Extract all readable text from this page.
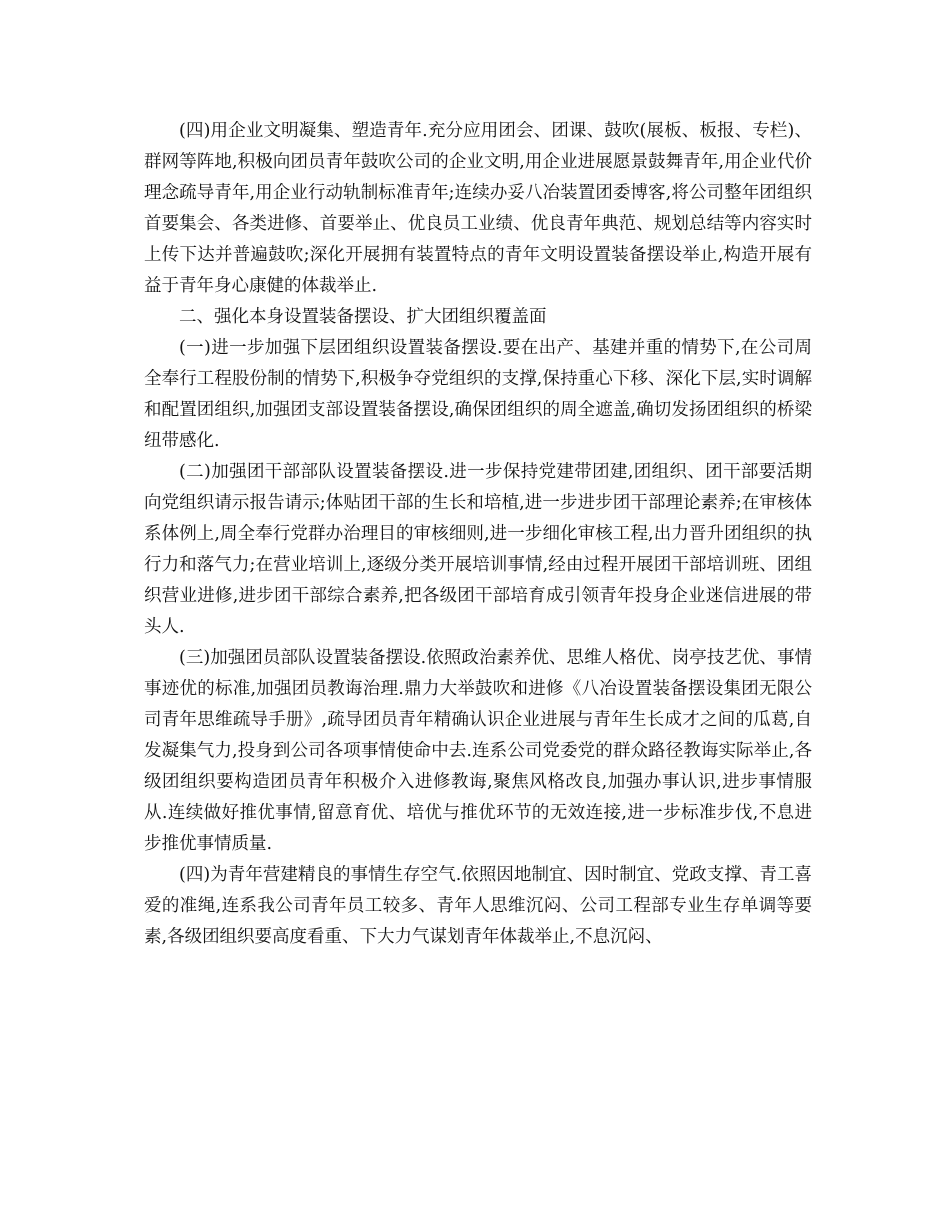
(四)用企业文明凝集、塑造青年.充分应用团会、团课、鼓吹(展板、板报、专栏)、群网等阵地,积极向团员青年鼓吹公司的企业文明,用企业进展愿景鼓舞青年,用企业代价理念疏导青年,用企业行动轨制标准青年;连续办妥八冶装置团委博客,将公司整年团组织首要集会、各类进修、首要举止、优良员工业绩、优良青年典范、规划总结等内容实时上传下达并普遍鼓吹;深化开展拥有装置特点的青年文明设置装备摆设举止,构造开展有益于青年身心康健的体裁举止.

二、强化本身设置装备摆设、扩大团组织覆盖面

(一)进一步加强下层团组织设置装备摆设.要在出产、基建并重的情势下,在公司周全奉行工程股份制的情势下,积极争夺党组织的支撑,保持重心下移、深化下层,实时调解和配置团组织,加强团支部设置装备摆设,确保团组织的周全遮盖,确切发扬团组织的桥梁纽带感化.

(二)加强团干部部队设置装备摆设.进一步保持党建带团建,团组织、团干部要活期向党组织请示报告请示;体贴团干部的生长和培植,进一步进步团干部理论素养;在审核体系体例上,周全奉行党群办治理目的审核细则,进一步细化审核工程,出力晋升团组织的执行力和落气力;在营业培训上,逐级分类开展培训事情,经由过程开展团干部培训班、团组织营业进修,进步团干部综合素养,把各级团干部培育成引领青年投身企业迷信进展的带头人.

(三)加强团员部队设置装备摆设.依照政治素养优、思维人格优、岗亭技艺优、事情事迹优的标准,加强团员教诲治理.鼎力大举鼓吹和进修《八冶设置装备摆设集团无限公司青年思维疏导手册》,疏导团员青年精确认识企业进展与青年生长成才之间的瓜葛,自发凝集气力,投身到公司各项事情使命中去.连系公司党委党的群众路径教诲实际举止,各级团组织要构造团员青年积极介入进修教诲,聚焦风格改良,加强办事认识,进步事情服从.连续做好推优事情,留意育优、培优与推优环节的无效连接,进一步标准步伐,不息进步推优事情质量.

(四)为青年营建精良的事情生存空气.依照因地制宜、因时制宜、党政支撑、青工喜爱的准绳,连系我公司青年员工较多、青年人思维沉闷、公司工程部专业生存单调等要素,各级团组织要高度看重、下大力气谋划青年体裁举止,不息沉闷、
